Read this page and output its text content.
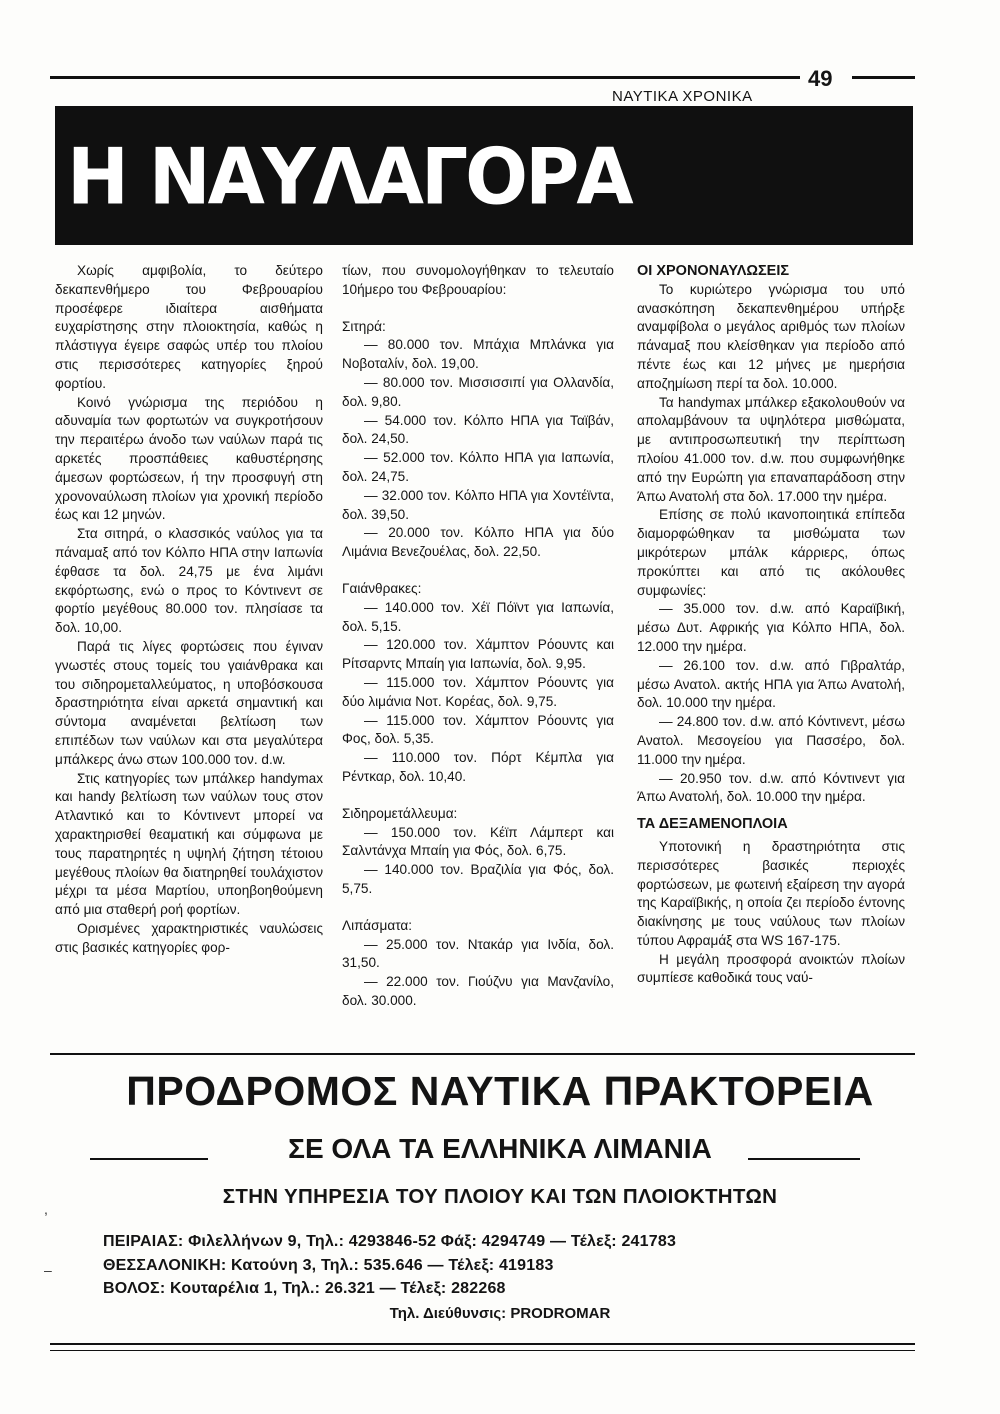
ΝΑΥΤΙΚΑ ΧΡΟΝΙΚΑ
49
Η ΝΑΥΛΑΓΟΡΑ

Χωρίς αμφιβολία, το δεύτερο δεκαπενθήμερο του Φεβρουαρίου προσέφερε ιδιαίτερα αισθήματα ευχαρίστησης στην πλοιοκτησία, καθώς η πλάστιγγα έγειρε σαφώς υπέρ του πλοίου στις περισσότερες κατηγορίες ξηρού φορτίου.

Κοινό γνώρισμα της περιόδου η αδυναμία των φορτωτών να συγκροτήσουν την περαιτέρω άνοδο των ναύλων παρά τις αρκετές προσπάθειες καθυστέρησης άμεσων φορτώσεων, ή την προσφυγή στη χρονοναύλωση πλοίων για χρονική περίοδο έως και 12 μηνών.

Στα σιτηρά, ο κλασσικός ναύλος για τα πάναμαξ από τον Κόλπο ΗΠΑ στην Ιαπωνία έφθασε τα δολ. 24,75 με ένα λιμάνι εκφόρτωσης, ενώ ο προς το Κόντινεντ σε φορτίο μεγέθους 80.000 τον. πλησίασε τα δολ. 10,00.

Παρά τις λίγες φορτώσεις που έγιναν γνωστές στους τομείς του γαιάνθρακα και του σιδηρομεταλλεύματος, η υποβόσκουσα δραστηριότητα είναι αρκετά σημαντική και σύντομα αναμένεται βελτίωση των επιπέδων των ναύλων και στα μεγαλύτερα μπάλκερς άνω στων 100.000 τον. d.w.

Στις κατηγορίες των μπάλκερ handymax και handy βελτίωση των ναύλων τους στον Ατλαντικό και το Κόντινεντ μπορεί να χαρακτηρισθεί θεαματική και σύμφωνα με τους παρατηρητές η υψηλή ζήτηση τέτοιου μεγέθους πλοίων θα διατηρηθεί τουλάχιστον μέχρι τα μέσα Μαρτίου, υποηβοηθούμενη από μια σταθερή ροή φορτίων.

Ορισμένες χαρακτηριστικές ναυλώσεις στις βασικές κατηγορίες φορ-

τίων, που συνομολογήθηκαν το τελευταίο 10ήμερο του Φεβρουαρίου:

Σιτηρά:

— 80.000 τον. Μπάχια Μπλάνκα για Νοβοταλίν, δολ. 19,00.

— 80.000 τον. Μισσισσιπί για Ολλανδία, δολ. 9,80.

— 54.000 τον. Κόλπο ΗΠΑ για Ταϊβάν, δολ. 24,50.

— 52.000 τον. Κόλπο ΗΠΑ για Ιαπωνία, δολ. 24,75.

— 32.000 τον. Κόλπο ΗΠΑ για Χοντέϊντα, δολ. 39,50.

— 20.000 τον. Κόλπο ΗΠΑ για δύο Λιμάνια Βενεζουέλας, δολ. 22,50.

Γαιάνθρακες:

— 140.000 τον. Χέϊ Πόϊντ για Ιαπωνία, δολ. 5,15.

— 120.000 τον. Χάμπτον Ρόουντς και Ρίτσαρντς Μπαίη για Ιαπωνία, δολ. 9,95.

— 115.000 τον. Χάμπτον Ρόουντς για δύο λιμάνια Νοτ. Κορέας, δολ. 9,75.

— 115.000 τον. Χάμπτον Ρόουντς για Φος, δολ. 5,35.

— 110.000 τον. Πόρτ Κέμπλα για Ρέντκαρ, δολ. 10,40.

Σιδηρομετάλλευμα:

— 150.000 τον. Κέϊπ Λάμπερτ και Σαλντάνχα Μπαίη για Φός, δολ. 6,75.

— 140.000 τον. Βραζιλία για Φός, δολ. 5,75.

Λιπάσματα:

— 25.000 τον. Ντακάρ για Ινδία, δολ. 31,50.

— 22.000 τον. Γιούζνυ για Μανζανίλο, δολ. 30.000.

ΟΙ ΧΡΟΝΟΝΑΥΛΩΣΕΙΣ

Το κυριώτερο γνώρισμα του υπό ανασκόπηση δεκαπενθημέρου υπήρξε αναμφίβολα ο μεγάλος αριθμός των πλοίων πάναμαξ που κλείσθηκαν για περίοδο από πέντε έως και 12 μήνες με ημερήσια αποζημίωση περί τα δολ. 10.000.

Τα handymax μπάλκερ εξακολουθούν να απολαμβάνουν τα υψηλότερα μισθώματα, με αντιπροσωπευτική την περίπτωση πλοίου 41.000 τον. d.w. που συμφωνήθηκε από την Ευρώπη για επαναπαράδοση στην Άπω Ανατολή στα δολ. 17.000 την ημέρα.

Επίσης σε πολύ ικανοποιητικά επίπεδα διαμορφώθηκαν τα μισθώματα των μικρότερων μπάλκ κάρριερς, όπως προκύπτει και από τις ακόλουθες συμφωνίες:

— 35.000 τον. d.w. από Καραϊβική, μέσω Δυτ. Αφρικής για Κόλπο ΗΠΑ, δολ. 12.000 την ημέρα.

— 26.100 τον. d.w. από Γιβραλτάρ, μέσω Ανατολ. ακτής ΗΠΑ για Άπω Ανατολή, δολ. 10.000 την ημέρα.

— 24.800 τον. d.w. από Κόντινεντ, μέσω Ανατολ. Μεσογείου για Πασσέρο, δολ. 11.000 την ημέρα.

— 20.950 τον. d.w. από Κόντινεντ για Άπω Ανατολή, δολ. 10.000 την ημέρα.

ΤΑ ΔΕΞΑΜΕΝΟΠΛΟΙΑ

Υποτονική η δραστηριότητα στις περισσότερες βασικές περιοχές φορτώσεων, με φωτεινή εξαίρεση την αγορά της Καραϊβικής, η οποία ζει περίοδο έντονης διακίνησης με τους ναύλους των πλοίων τύπου Αφραμάξ στα WS 167-175.

Η μεγάλη προσφορά ανοικτών πλοίων συμπίεσε καθοδικά τους ναύ-

ΠΡΟΔΡΟΜΟΣ ΝΑΥΤΙΚΑ ΠΡΑΚΤΟΡΕΙΑ
ΣΕ ΟΛΑ ΤΑ ΕΛΛΗΝΙΚΑ ΛΙΜΑΝΙΑ
ΣΤΗΝ ΥΠΗΡΕΣΙΑ ΤΟΥ ΠΛΟΙΟΥ ΚΑΙ ΤΩΝ ΠΛΟΙΟΚΤΗΤΩΝ
ΠΕΙΡΑΙΑΣ: Φιλελλήνων 9, Τηλ.: 4293846-52 Φάξ: 4294749 — Τέλεξ: 241783
ΘΕΣΣΑΛΟΝΙΚΗ: Κατούνη 3, Τηλ.: 535.646 — Τέλεξ: 419183
ΒΟΛΟΣ: Κουταρέλια 1, Τηλ.: 26.321 — Τέλεξ: 282268
Τηλ. Διεύθυνσις: PRODROMAR
,
–
